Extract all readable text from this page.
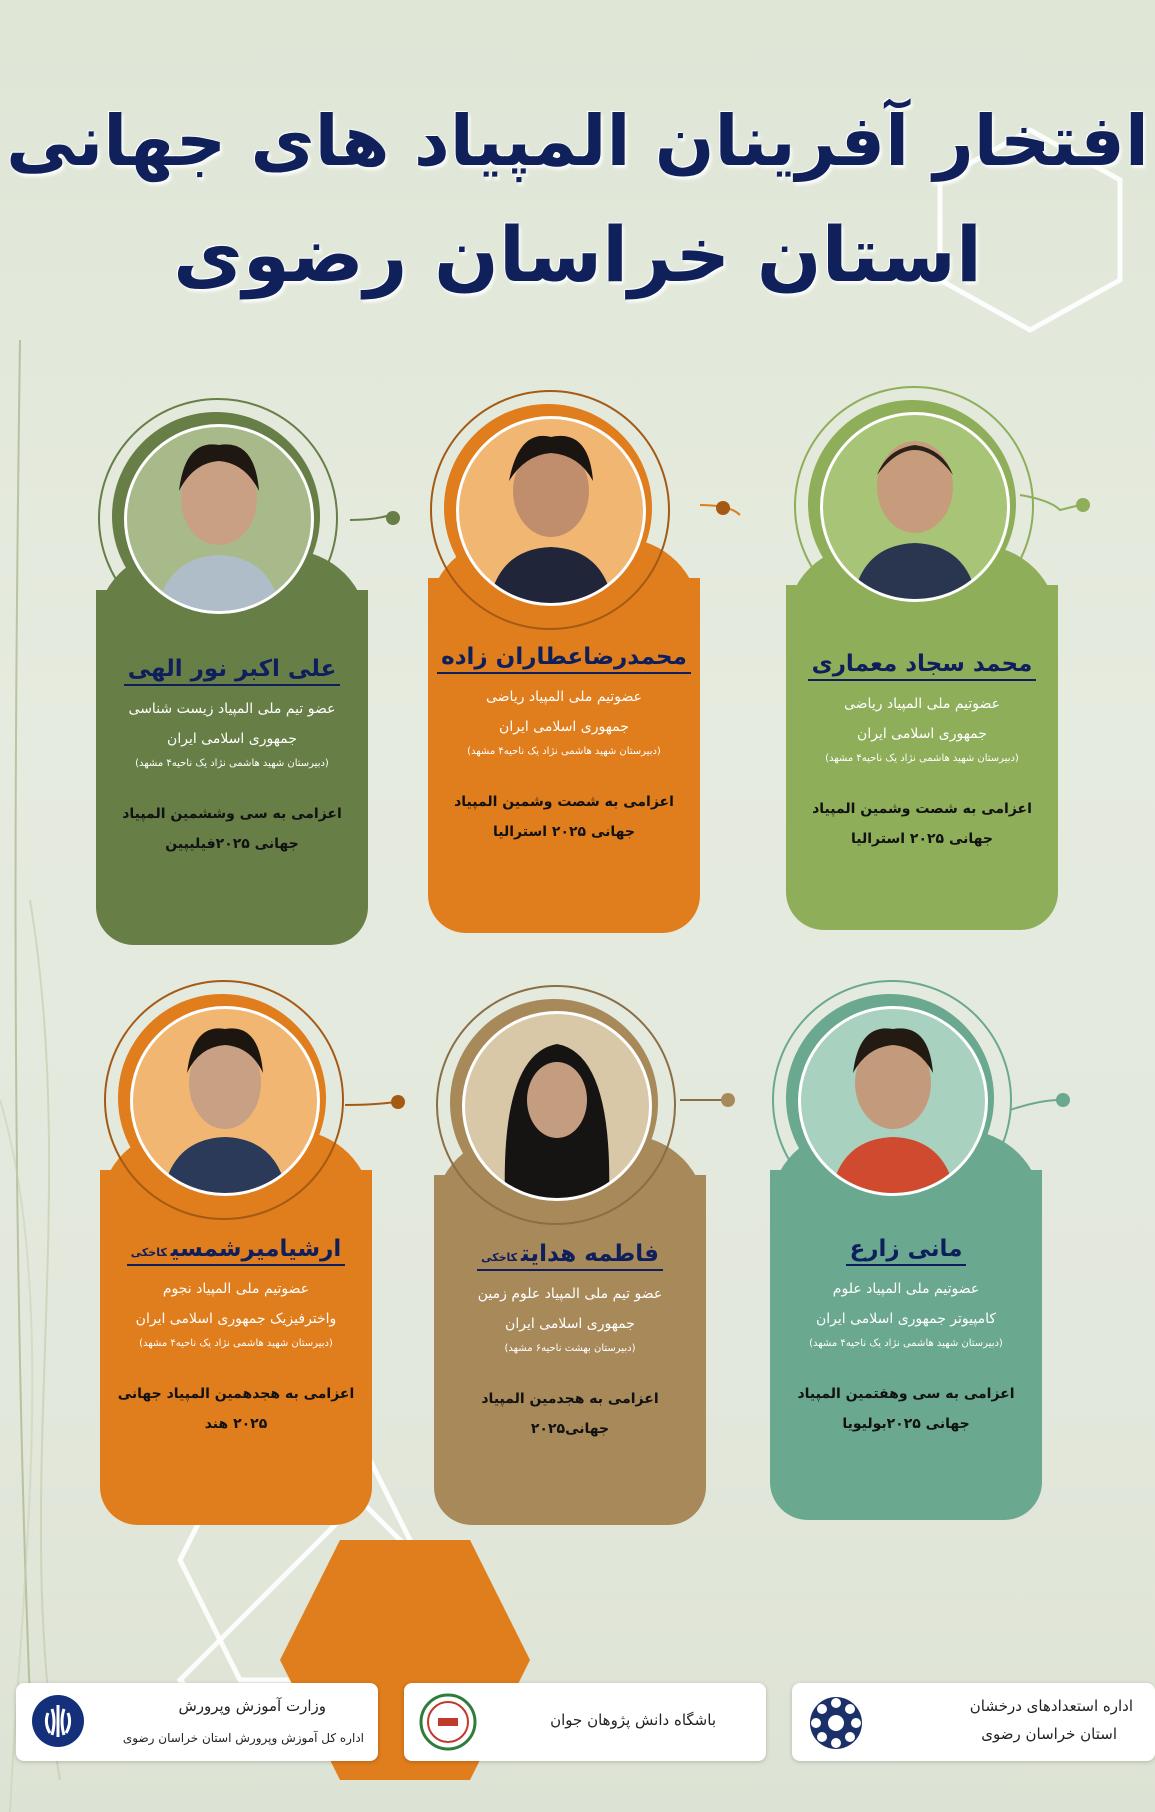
افتخار آفرینان المپیاد های جهانی
استان خراسان رضوی
محمد سجاد معماری
عضوتیم ملی المپیاد ریاضی
جمهوری اسلامی ایران
(دبیرستان شهید هاشمی نژاد یک ناحیه۴ مشهد)
اعزامی به شصت وشمین المپیاد
جهانی ۲۰۲۵ استرالیا
محمدرضاعطاران زاده
عضوتیم ملی المپیاد ریاضی
جمهوری اسلامی ایران
(دبیرستان شهید هاشمی نژاد یک ناحیه۴ مشهد)
اعزامی به شصت وشمین المپیاد
جهانی ۲۰۲۵ استرالیا
علی اکبر نور الهی
عضو تیم ملی المپیاد زیست شناسی
جمهوری اسلامی ایران
(دبیرستان شهید هاشمی نژاد یک ناحیه۴ مشهد)
اعزامی به سی وششمین المپیاد
جهانی ۲۰۲۵فیلیپین
مانی زارع
عضوتیم ملی المپیاد علوم
کامپیوتر جمهوری اسلامی ایران
(دبیرستان شهید هاشمی نژاد یک ناحیه۴ مشهد)
اعزامی به سی وهفتمین المپیاد
جهانی ۲۰۲۵بولیویا
فاطمه هدایتکاخکی
عضو تیم ملی المپیاد علوم زمین
جمهوری اسلامی ایران
(دبیرستان بهشت ناحیه۶ مشهد)
اعزامی به هجدمین المپیاد
جهانی۲۰۲۵
ارشیامیرشمسیکاخکی
عضوتیم ملی المپیاد نجوم
واخترفیزیک جمهوری اسلامی ایران
(دبیرستان شهید هاشمی نژاد یک ناحیه۴ مشهد)
اعزامی به هجدهمین المپیاد جهانی
۲۰۲۵ هند
اداره استعدادهای درخشان
استان خراسان رضوی
باشگاه دانش پژوهان جوان
وزارت آموزش وپرورش
اداره کل آموزش وپرورش استان خراسان رضوی
